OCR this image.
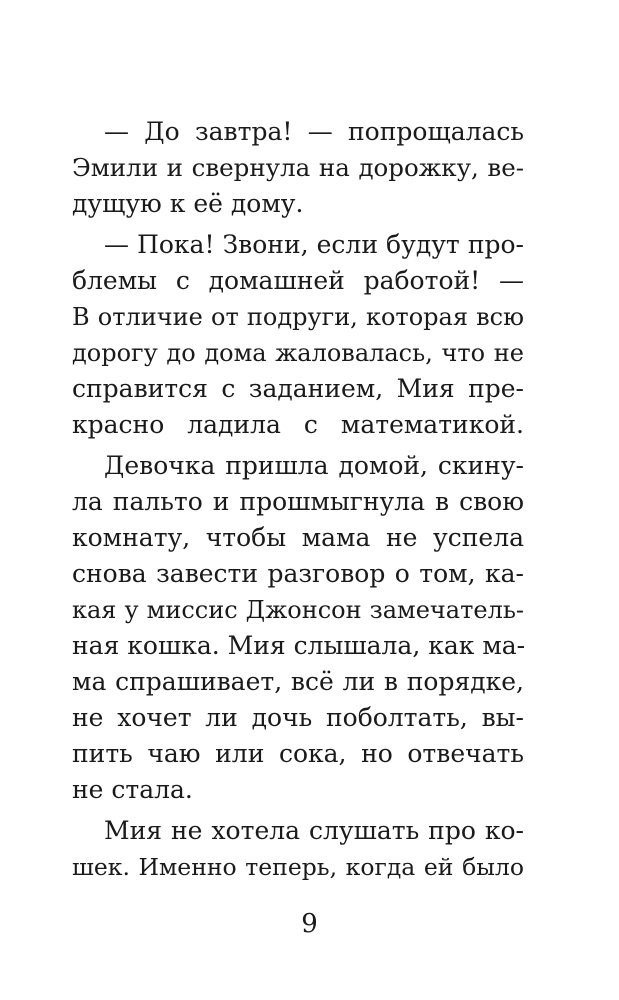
— До завтра! — попрощалась
Эмили и свернула на дорожку, ве-
дущую к её дому.
— Пока! Звони, если будут про-
блемы с домашней работой! —
В отличие от подруги, которая всю
дорогу до дома жаловалась, что не
справится с заданием, Мия пре-
красно ладила с математикой.
Девочка пришла домой, скину-
ла пальто и прошмыгнула в свою
комнату, чтобы мама не успела
снова завести разговор о том, ка-
кая у миссис Джонсон замечатель-
ная кошка. Мия слышала, как ма-
ма спрашивает, всё ли в порядке,
не хочет ли дочь поболтать, вы-
пить чаю или сока, но отвечать
не стала.
Мия не хотела слушать про ко-
шек. Именно теперь, когда ей было
9
